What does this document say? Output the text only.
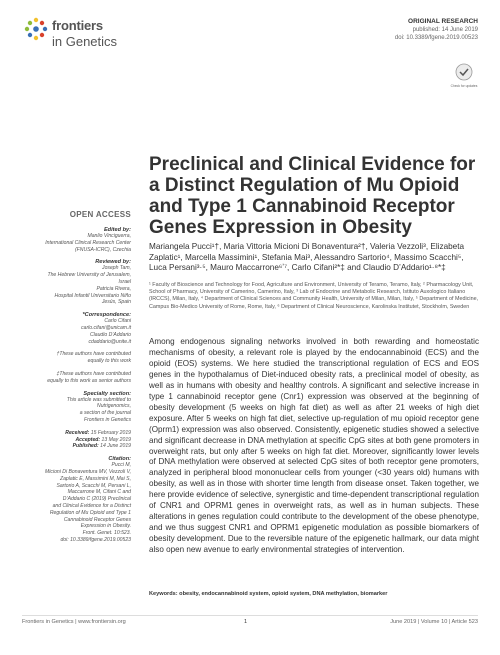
frontiers
in Genetics
ORIGINAL RESEARCH
published: 14 June 2019
doi: 10.3389/fgene.2019.00523
Check for updates
Preclinical and Clinical Evidence for a Distinct Regulation of Mu Opioid and Type 1 Cannabinoid Receptor Genes Expression in Obesity
Mariangela Pucci¹†, Maria Vittoria Micioni Di Bonaventura²†, Valeria Vezzoli³, Elizabeta Zaplatic¹, Marcella Massimini¹, Stefania Mai³, Alessandro Sartorio⁴, Massimo Scacchi⁵, Luca Persani³·⁵, Mauro Maccarrone⁶ʼ⁷, Carlo Cifani²*‡ and Claudio D’Addario¹·⁸*‡
¹ Faculty of Bioscience and Technology for Food, Agriculture and Environment, University of Teramo, Teramo, Italy, ² Pharmacology Unit, School of Pharmacy, University of Camerino, Camerino, Italy, ³ Lab of Endocrine and Metabolic Research, Istituto Auxologico Italiano (IRCCS), Milan, Italy, ⁴ Department of Clinical Sciences and Community Health, University of Milan, Milan, Italy, ⁵ Department of Medicine, Campus Bio-Medico University of Rome, Rome, Italy, ⁶ Department of Clinical Neuroscience, Karolinska Institutet, Stockholm, Sweden
Among endogenous signaling networks involved in both rewarding and homeostatic mechanisms of obesity, a relevant role is played by the endocannabinoid (ECS) and the opioid (EOS) systems. We here studied the transcriptional regulation of ECS and EOS genes in the hypothalamus of Diet-induced obesity rats, a preclinical model of obesity, as well as in humans with obesity and healthy controls. A significant and selective increase in type 1 cannabinoid receptor gene (Cnr1) expression was observed at the beginning of obesity development (5 weeks on high fat diet) as well as after 21 weeks of high diet exposure. After 5 weeks on high fat diet, selective up-regulation of mu opioid receptor gene (Oprm1) expression was also observed. Consistently, epigenetic studies showed a selective and significant decrease in DNA methylation at specific CpG sites at both gene promoters in overweight rats, but only after 5 weeks on high fat diet. Moreover, significantly lower levels of DNA methylation were observed at selected CpG sites of both receptor gene promoters, analyzed in peripheral blood mononuclear cells from younger (<30 years old) humans with obesity, as well as in those with shorter time length from disease onset. Taken together, we here provide evidence of selective, synergistic and time-dependent transcriptional regulation of CNR1 and OPRM1 genes in overweight rats, as well as in human subjects. These alterations in genes regulation could contribute to the development of the obese phenotype, and we thus suggest CNR1 and OPRM1 epigenetic modulation as possible biomarkers of obesity development. Due to the reversible nature of the epigenetic hallmark, our data might also open new avenue to early environmental strategies of intervention.
Keywords: obesity, endocannabinoid system, opioid system, DNA methylation, biomarker
OPEN ACCESS
Edited by:
Manlio Vinciguerra,
International Clinical Research Center
(FNUSA-ICRC), Czechia
Reviewed by:
Joseph Tam,
The Hebrew University of Jerusalem,
Israel
Patricia Rivera,
Hospital Infantil Universitario Niño
Jesús, Spain
*Correspondence:
Carlo Cifani
carlo.cifani@unicam.it
Claudio D’Addario
cdaddario@unite.it
†These authors have contributed
equally to this work
‡These authors have contributed
equally to this work as senior authors
Specialty section:
This article was submitted to
Nutrigenomics,
a section of the journal
Frontiers in Genetics
Received: 15 February 2019
Accepted: 13 May 2019
Published: 14 June 2019
Citation:
Pucci M,
Micioni Di Bonaventura MV, Vezzoli V,
Zaplatic E, Massimini M, Mai S,
Sartorio A, Scacchi M, Persani L,
Maccarrone M, Cifani C and
D’Addario C (2019) Preclinical
and Clinical Evidence for a Distinct
Regulation of Mu Opioid and Type 1
Cannabinoid Receptor Genes
Expression in Obesity.
Front. Genet. 10:523.
doi: 10.3389/fgene.2019.00523
Frontiers in Genetics | www.frontiersin.org	1	June 2019 | Volume 10 | Article 523
